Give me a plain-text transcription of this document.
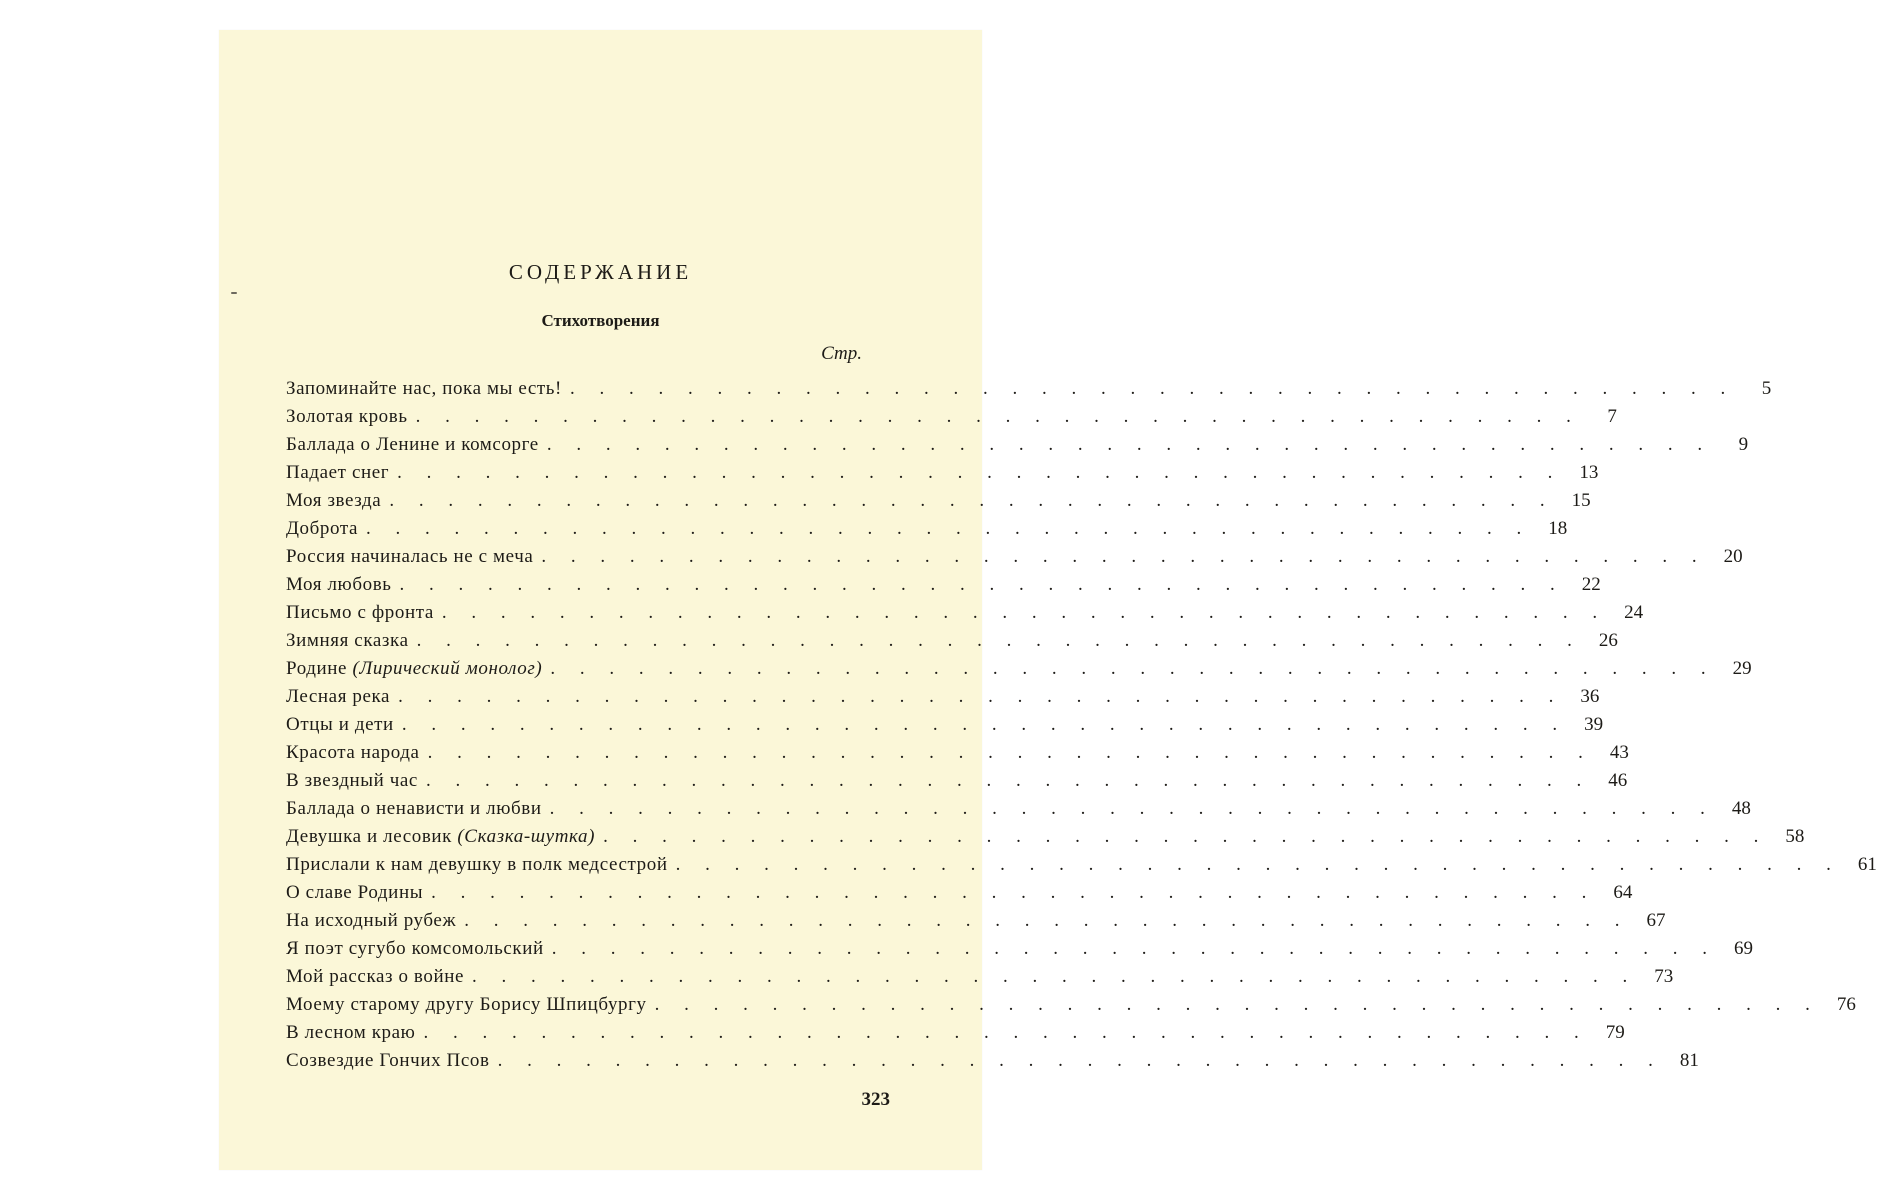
СОДЕРЖАНИЕ
Стихотворения
Стр.
Запоминайте нас, пока мы есть! . . . . . . . . . . . . . . . . . . . . . . . . . . . . . . . . . . . . . . . .	5
Золотая кровь . . . . . . . . . . . . . . . . . . . . . . . . . . . . . . . . . . . . . . . .	7
Баллада о Ленине и комсорге . . . . . . . . . . . . . . . . . . . . . . . . . . . . . . . . . . . . . . . .	9
Падает снег . . . . . . . . . . . . . . . . . . . . . . . . . . . . . . . . . . . . . . . . 13
Моя звезда . . . . . . . . . . . . . . . . . . . . . . . . . . . . . . . . . . . . . . . . 15
Доброта . . . . . . . . . . . . . . . . . . . . . . . . . . . . . . . . . . . . . . . . 18
Россия начиналась не с меча . . . . . . . . . . . . . . . . . . . . . . . . . . . . . . . . . . . . . . . . 20
Моя любовь . . . . . . . . . . . . . . . . . . . . . . . . . . . . . . . . . . . . . . . . 22
Письмо с фронта . . . . . . . . . . . . . . . . . . . . . . . . . . . . . . . . . . . . . . . . 24
Зимняя сказка . . . . . . . . . . . . . . . . . . . . . . . . . . . . . . . . . . . . . . . . 26
Родине (Лирический монолог) . . . . . . . . . . . . . . . . . . . . . . . . . . . . . . . . . . . . . . . . 29
Лесная река . . . . . . . . . . . . . . . . . . . . . . . . . . . . . . . . . . . . . . . . 36
Отцы и дети . . . . . . . . . . . . . . . . . . . . . . . . . . . . . . . . . . . . . . . . 39
Красота народа . . . . . . . . . . . . . . . . . . . . . . . . . . . . . . . . . . . . . . . . 43
В звездный час . . . . . . . . . . . . . . . . . . . . . . . . . . . . . . . . . . . . . . . . 46
Баллада о ненависти и любви . . . . . . . . . . . . . . . . . . . . . . . . . . . . . . . . . . . . . . . . 48
Девушка и лесовик (Сказка-шутка) . . . . . . . . . . . . . . . . . . . . . . . . . . . . . . . . . . . . . . . . 58
Прислали к нам девушку в полк медсестрой . . . . . . . . . . . . . . . . . . . . . . . . . . . . . . . . . . . . . . . . 61
О славе Родины . . . . . . . . . . . . . . . . . . . . . . . . . . . . . . . . . . . . . . . . 64
На исходный рубеж . . . . . . . . . . . . . . . . . . . . . . . . . . . . . . . . . . . . . . . . 67
Я поэт сугубо комсомольский . . . . . . . . . . . . . . . . . . . . . . . . . . . . . . . . . . . . . . . . 69
Мой рассказ о войне . . . . . . . . . . . . . . . . . . . . . . . . . . . . . . . . . . . . . . . . 73
Моему старому другу Борису Шпицбургу . . . . . . . . . . . . . . . . . . . . . . . . . . . . . . . . . . . . . . . . 76
В лесном краю . . . . . . . . . . . . . . . . . . . . . . . . . . . . . . . . . . . . . . . . 79
Созвездие Гончих Псов . . . . . . . . . . . . . . . . . . . . . . . . . . . . . . . . . . . . . . . . 81
323
